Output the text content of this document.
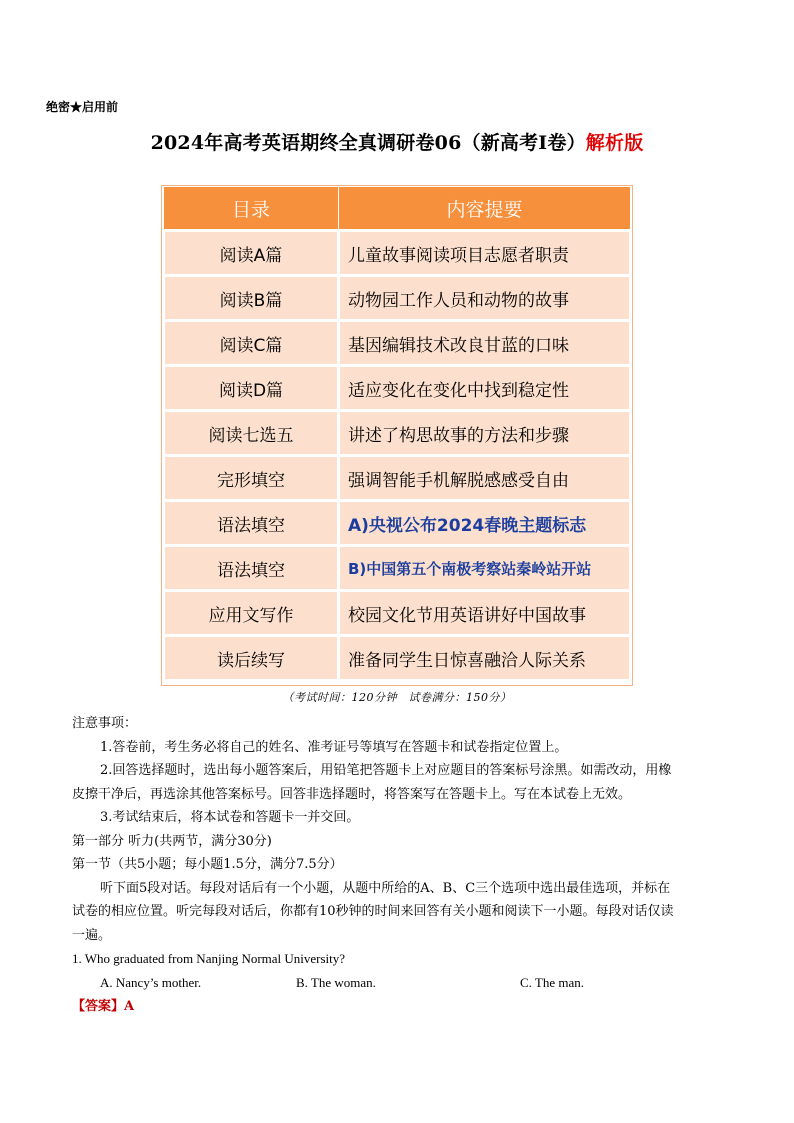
绝密★启用前
2024年高考英语期终全真调研卷06（新高考I卷）解析版
目录	内容提要
阅读A篇	儿童故事阅读项目志愿者职责
阅读B篇	动物园工作人员和动物的故事
阅读C篇	基因编辑技术改良甘蓝的口味
阅读D篇	适应变化在变化中找到稳定性
阅读七选五	讲述了构思故事的方法和步骤
完形填空	强调智能手机解脱感感受自由
语法填空	A)央视公布2024春晚主题标志
语法填空	B)中国第五个南极考察站秦岭站开站
应用文写作	校园文化节用英语讲好中国故事
读后续写	准备同学生日惊喜融洽人际关系
（考试时间：120分钟　试卷满分：150分）

注意事项：

1.答卷前，考生务必将自己的姓名、准考证号等填写在答题卡和试卷指定位置上。

2.回答选择题时，选出每小题答案后，用铅笔把答题卡上对应题目的答案标号涂黑。如需改动，用橡

皮擦干净后，再选涂其他答案标号。回答非选择题时，将答案写在答题卡上。写在本试卷上无效。

3.考试结束后，将本试卷和答题卡一并交回。

第一部分 听力(共两节，满分30分)

第一节（共5小题；每小题1.5分，满分7.5分）

听下面5段对话。每段对话后有一个小题，从题中所给的A、B、C三个选项中选出最佳选项，并标在

试卷的相应位置。听完每段对话后，你都有10秒钟的时间来回答有关小题和阅读下一小题。每段对话仅读

一遍。

1. Who graduated from Nanjing Normal University?

A. Nancy’s mother.	B. The woman.	C. The man.

【答案】A
